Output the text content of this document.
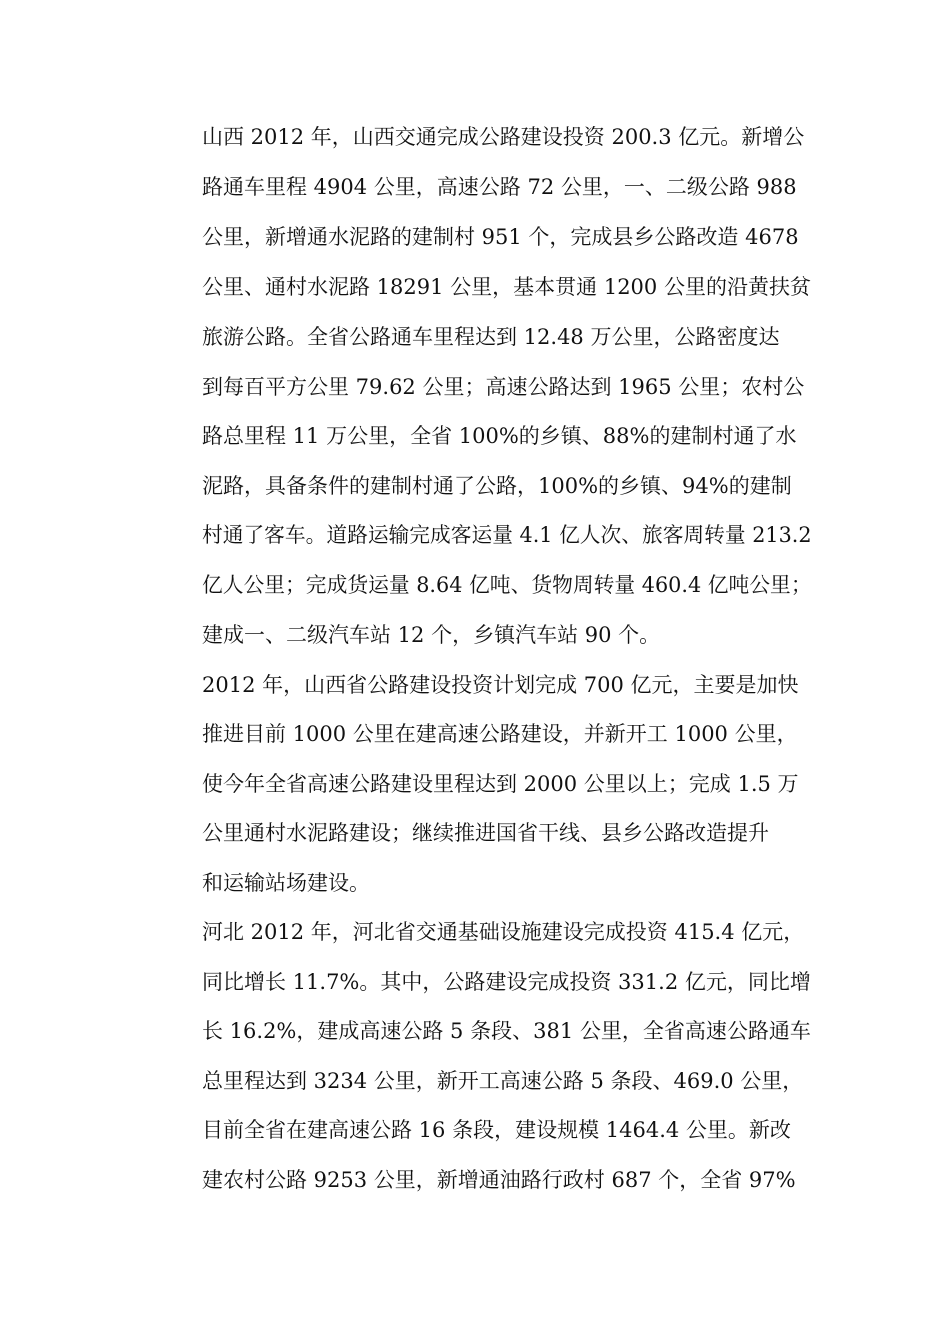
山西 2012 年，山西交通完成公路建设投资 200.3 亿元。新增公
路通车里程 4904 公里，高速公路 72 公里，一、二级公路 988
公里，新增通水泥路的建制村 951 个，完成县乡公路改造 4678
公里、通村水泥路 18291 公里，基本贯通 1200 公里的沿黄扶贫
旅游公路。全省公路通车里程达到 12.48 万公里，公路密度达
到每百平方公里 79.62 公里；高速公路达到 1965 公里；农村公
路总里程 11 万公里，全省 100%的乡镇、88%的建制村通了水
泥路，具备条件的建制村通了公路，100%的乡镇、94%的建制
村通了客车。道路运输完成客运量 4.1 亿人次、旅客周转量 213.2
亿人公里；完成货运量 8.64 亿吨、货物周转量 460.4 亿吨公里；
建成一、二级汽车站 12 个，乡镇汽车站 90 个。
2012 年，山西省公路建设投资计划完成 700 亿元，主要是加快
推进目前 1000 公里在建高速公路建设，并新开工 1000 公里，
使今年全省高速公路建设里程达到 2000 公里以上；完成 1.5 万
公里通村水泥路建设；继续推进国省干线、县乡公路改造提升
和运输站场建设。
河北 2012 年，河北省交通基础设施建设完成投资 415.4 亿元，
同比增长 11.7%。其中，公路建设完成投资 331.2 亿元，同比增
长 16.2%，建成高速公路 5 条段、381 公里，全省高速公路通车
总里程达到 3234 公里，新开工高速公路 5 条段、469.0 公里，
目前全省在建高速公路 16 条段，建设规模 1464.4 公里。新改
建农村公路 9253 公里，新增通油路行政村 687 个，全省 97%
